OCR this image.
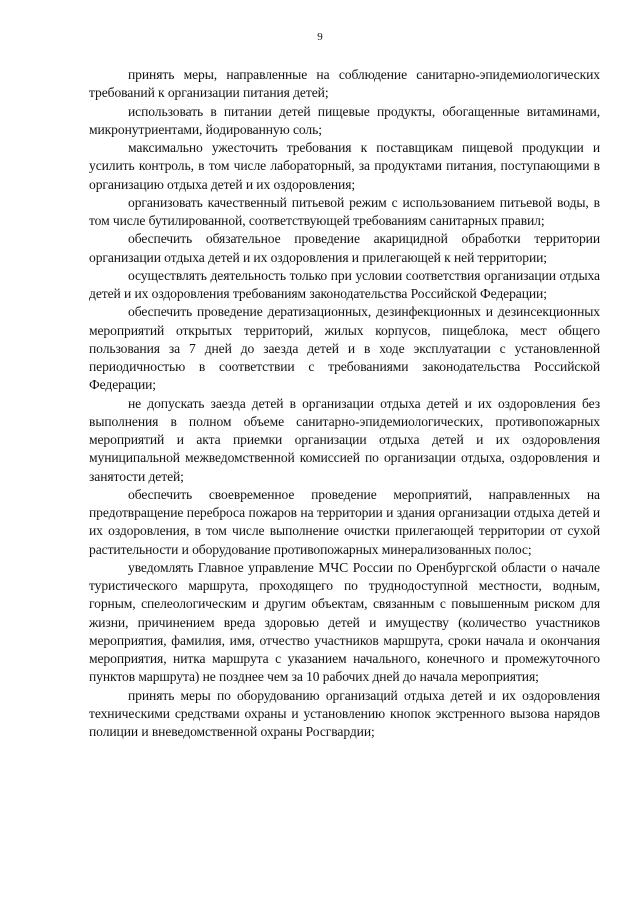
9

принять меры, направленные на соблюдение санитарно-эпидемиологических требований к организации питания детей;

использовать в питании детей пищевые продукты, обогащенные витаминами, микронутриентами, йодированную соль;

максимально ужесточить требования к поставщикам пищевой продукции и усилить контроль, в том числе лабораторный, за продуктами питания, поступающими в организацию отдыха детей и их оздоровления;

организовать качественный питьевой режим с использованием питьевой воды, в том числе бутилированной, соответствующей требованиям санитарных правил;

обеспечить обязательное проведение акарицидной обработки территории организации отдыха детей и их оздоровления и прилегающей к ней территории;

осуществлять деятельность только при условии соответствия организации отдыха детей и их оздоровления требованиям законодательства Российской Федерации;

обеспечить проведение дератизационных, дезинфекционных и дезинсекционных мероприятий открытых территорий, жилых корпусов, пищеблока, мест общего пользования за 7 дней до заезда детей и в ходе эксплуатации с установленной периодичностью в соответствии с требованиями законодательства Российской Федерации;

не допускать заезда детей в организации отдыха детей и их оздоровления без выполнения в полном объеме санитарно-эпидемиологических, противопожарных мероприятий и акта приемки организации отдыха детей и их оздоровления муниципальной межведомственной комиссией по организации отдыха, оздоровления и занятости детей;

обеспечить своевременное проведение мероприятий, направленных на предотвращение переброса пожаров на территории и здания организации отдыха детей и их оздоровления, в том числе выполнение очистки прилегающей территории от сухой растительности и оборудование противопожарных минерализованных полос;

уведомлять Главное управление МЧС России по Оренбургской области о начале туристического маршрута, проходящего по труднодоступной местности, водным, горным, спелеологическим и другим объектам, связанным с повышенным риском для жизни, причинением вреда здоровью детей и имуществу (количество участников мероприятия, фамилия, имя, отчество участников маршрута, сроки начала и окончания мероприятия, нитка маршрута с указанием начального, конечного и промежуточного пунктов маршрута) не позднее чем за 10 рабочих дней до начала мероприятия;

принять меры по оборудованию организаций отдыха детей и их оздоровления техническими средствами охраны и установлению кнопок экстренного вызова нарядов полиции и вневедомственной охраны Росгвардии;
